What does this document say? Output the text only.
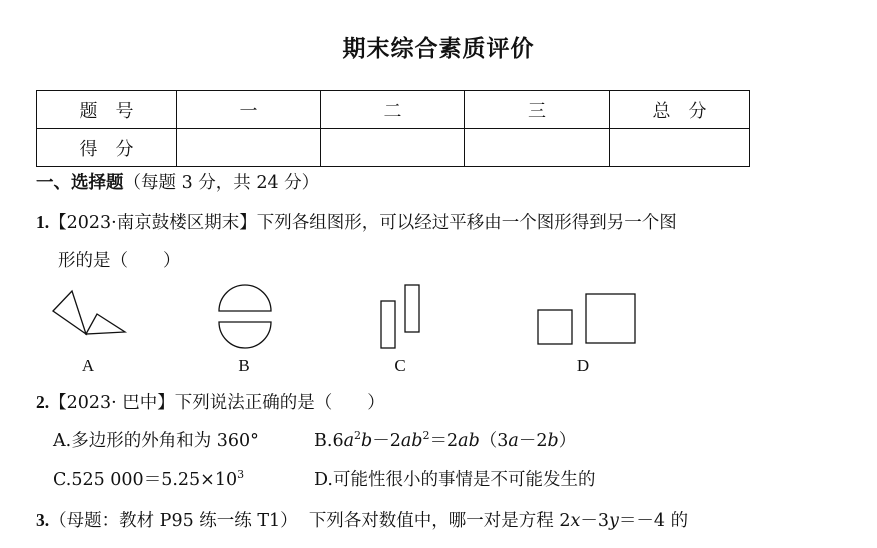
期末综合素质评价
题　号	一	二	三	总　分
得　分				
一、选择题（每题 3 分，共 24 分）
1.【2023·南京鼓楼区期末】下列各组图形，可以经过平移由一个图形得到另一个图
形的是（　　）
A	B	C	D
2.【2023· 巴中】下列说法正确的是（　　）
A.多边形的外角和为 360°	$B.6a^2b-2ab^2=2ab(3a-2b)$
C.525 $000=5.25\times 10^3$	D.可能性很小的事情是不可能发生的
3.（母题：教材 P95 练一练 T1） 下列各对数值中，哪一对是方程 2x－3y＝－4 的
